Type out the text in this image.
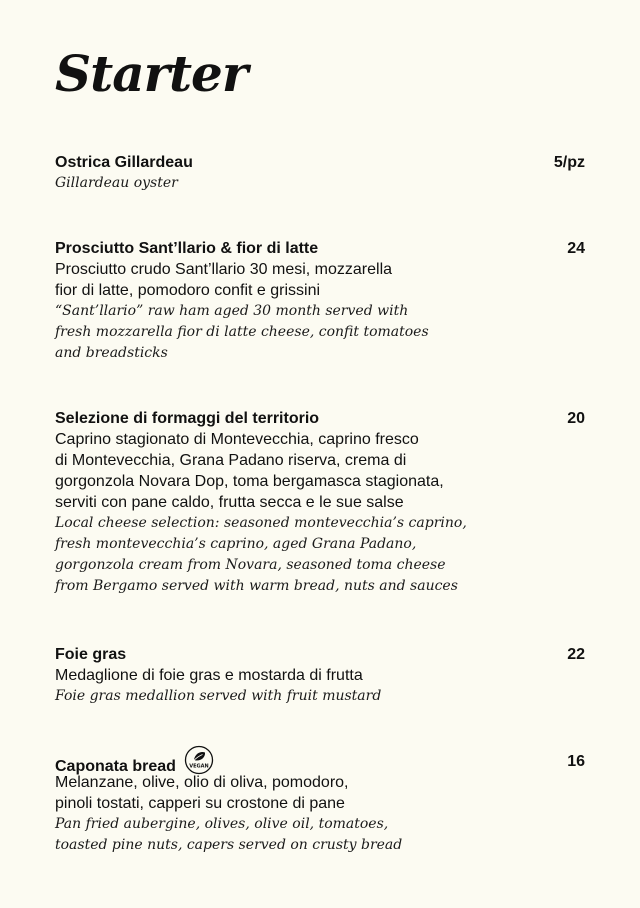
Starter
Ostrica Gillardeau	5/pz
Gillardeau oyster
Prosciutto Sant’llario & fior di latte	24
Prosciutto crudo Sant’llario 30 mesi, mozzarella
fior di latte, pomodoro confit e grissini
“Sant’llario” raw ham aged 30 month served with
fresh mozzarella fior di latte cheese, confit tomatoes
and breadsticks
Selezione di formaggi del territorio	20
Caprino stagionato di Montevecchia, caprino fresco
di Montevecchia, Grana Padano riserva, crema di
gorgonzola Novara Dop, toma bergamasca stagionata,
serviti con pane caldo, frutta secca e le sue salse
Local cheese selection: seasoned montevecchia’s caprino,
fresh montevecchia’s caprino, aged Grana Padano,
gorgonzola cream from Novara, seasoned toma cheese
from Bergamo served with warm bread, nuts and sauces
Foie gras	22
Medaglione di foie gras e mostarda di frutta
Foie gras medallion served with fruit mustard
Caponata bread	VEGAN	16
Melanzane, olive, olio di oliva, pomodoro,
pinoli tostati, capperi su crostone di pane
Pan fried aubergine, olives, olive oil, tomatoes,
toasted pine nuts, capers served on crusty bread
